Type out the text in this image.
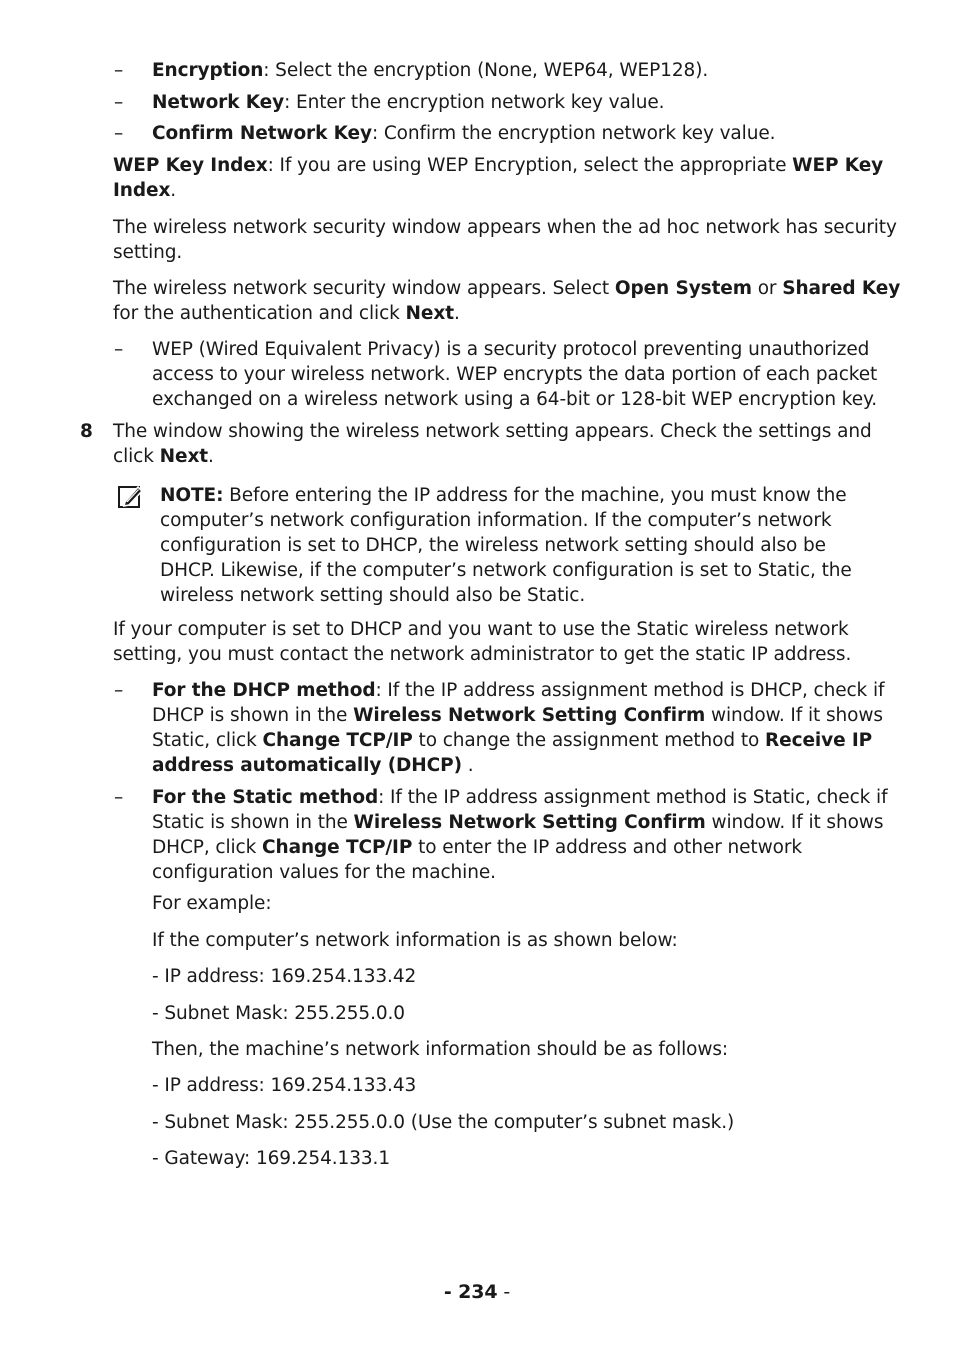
– Encryption: Select the encryption (None, WEP64, WEP128).
– Network Key: Enter the encryption network key value.
– Confirm Network Key: Confirm the encryption network key value.
WEP Key Index: If you are using WEP Encryption, select the appropriate WEP Key
Index.
The wireless network security window appears when the ad hoc network has security
setting.
The wireless network security window appears. Select Open System or Shared Key
for the authentication and click Next.
– WEP (Wired Equivalent Privacy) is a security protocol preventing unauthorized
access to your wireless network. WEP encrypts the data portion of each packet
exchanged on a wireless network using a 64-bit or 128-bit WEP encryption key.
8 The window showing the wireless network setting appears. Check the settings and
click Next.
NOTE: Before entering the IP address for the machine, you must know the
computer’s network configuration information. If the computer’s network
configuration is set to DHCP, the wireless network setting should also be
DHCP. Likewise, if the computer’s network configuration is set to Static, the
wireless network setting should also be Static.
If your computer is set to DHCP and you want to use the Static wireless network
setting, you must contact the network administrator to get the static IP address.
– For the DHCP method: If the IP address assignment method is DHCP, check if
DHCP is shown in the Wireless Network Setting Confirm window. If it shows
Static, click Change TCP/IP to change the assignment method to Receive IP
address automatically (DHCP) .
– For the Static method: If the IP address assignment method is Static, check if
Static is shown in the Wireless Network Setting Confirm window. If it shows
DHCP, click Change TCP/IP to enter the IP address and other network
configuration values for the machine.
For example:
If the computer’s network information is as shown below:
- IP address: 169.254.133.42
- Subnet Mask: 255.255.0.0
Then, the machine’s network information should be as follows:
- IP address: 169.254.133.43
- Subnet Mask: 255.255.0.0 (Use the computer’s subnet mask.)
- Gateway: 169.254.133.1
- 234 -
